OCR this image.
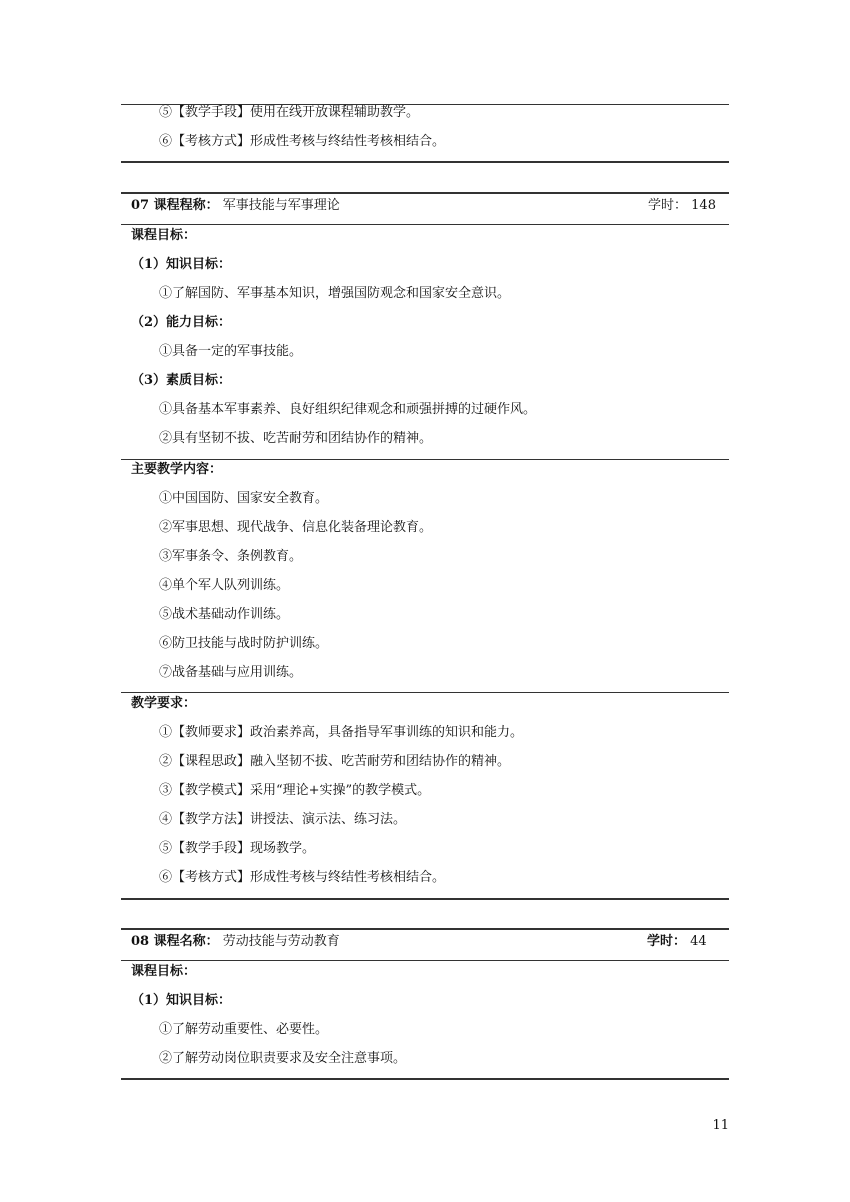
⑤【教学手段】使用在线开放课程辅助教学。
⑥【考核方式】形成性考核与终结性考核相结合。
07 课程程称： 军事技能与军事理论	学时： 148
课程目标：
（1）知识目标：
①了解国防、军事基本知识，增强国防观念和国家安全意识。
（2）能力目标：
①具备一定的军事技能。
（3）素质目标：
①具备基本军事素养、良好组织纪律观念和顽强拼搏的过硬作风。
②具有坚韧不拔、吃苦耐劳和团结协作的精神。
主要教学内容：
①中国国防、国家安全教育。
②军事思想、现代战争、信息化装备理论教育。
③军事条令、条例教育。
④单个军人队列训练。
⑤战术基础动作训练。
⑥防卫技能与战时防护训练。
⑦战备基础与应用训练。
教学要求：
①【教师要求】政治素养高，具备指导军事训练的知识和能力。
②【课程思政】融入坚韧不拔、吃苦耐劳和团结协作的精神。
③【教学模式】采用“理论+实操”的教学模式。
④【教学方法】讲授法、演示法、练习法。
⑤【教学手段】现场教学。
⑥【考核方式】形成性考核与终结性考核相结合。
08 课程名称： 劳动技能与劳动教育	学时： 44
课程目标：
（1）知识目标：
①了解劳动重要性、必要性。
②了解劳动岗位职责要求及安全注意事项。
11
